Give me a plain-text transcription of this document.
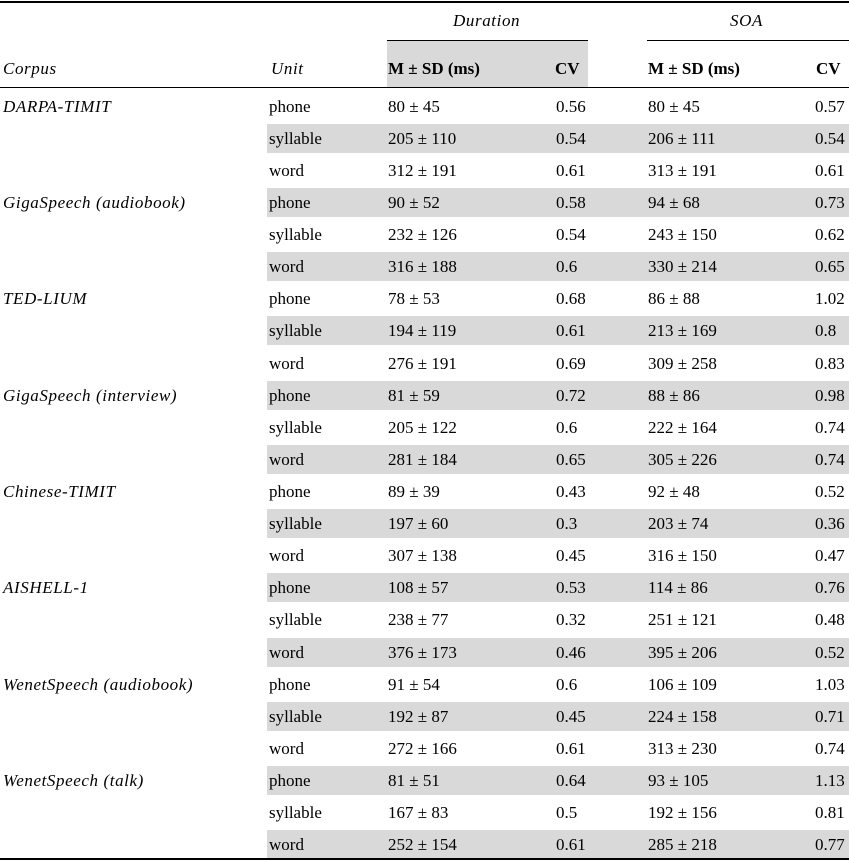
Duration	SOA
Corpus	Unit	M ± SD (ms)	CV	M ± SD (ms)	CV
DARPA-TIMIT	phone	80 ± 45	0.56	80 ± 45	0.57
syllable	205 ± 110	0.54	206 ± 111	0.54
word	312 ± 191	0.61	313 ± 191	0.61
GigaSpeech (audiobook)	phone	90 ± 52	0.58	94 ± 68	0.73
syllable	232 ± 126	0.54	243 ± 150	0.62
word	316 ± 188	0.6	330 ± 214	0.65
TED-LIUM	phone	78 ± 53	0.68	86 ± 88	1.02
syllable	194 ± 119	0.61	213 ± 169	0.8
word	276 ± 191	0.69	309 ± 258	0.83
GigaSpeech (interview)	phone	81 ± 59	0.72	88 ± 86	0.98
syllable	205 ± 122	0.6	222 ± 164	0.74
word	281 ± 184	0.65	305 ± 226	0.74
Chinese-TIMIT	phone	89 ± 39	0.43	92 ± 48	0.52
syllable	197 ± 60	0.3	203 ± 74	0.36
word	307 ± 138	0.45	316 ± 150	0.47
AISHELL-1	phone	108 ± 57	0.53	114 ± 86	0.76
syllable	238 ± 77	0.32	251 ± 121	0.48
word	376 ± 173	0.46	395 ± 206	0.52
WenetSpeech (audiobook)	phone	91 ± 54	0.6	106 ± 109	1.03
syllable	192 ± 87	0.45	224 ± 158	0.71
word	272 ± 166	0.61	313 ± 230	0.74
WenetSpeech (talk)	phone	81 ± 51	0.64	93 ± 105	1.13
syllable	167 ± 83	0.5	192 ± 156	0.81
word	252 ± 154	0.61	285 ± 218	0.77
